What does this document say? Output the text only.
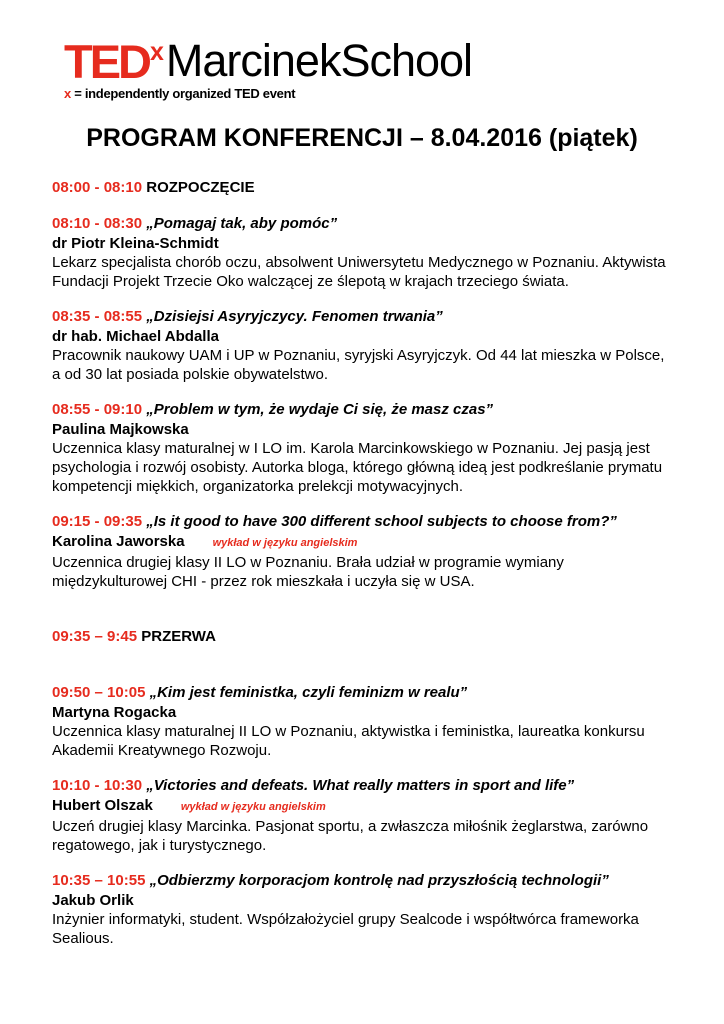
TED x MarcinekSchool
x = independently organized TED event
PROGRAM KONFERENCJI – 8.04.2016 (piątek)
08:00 - 08:10 ROZPOCZĘCIE
08:10 - 08:30 „Pomagaj tak, aby pomóc”
dr Piotr Kleina-Schmidt

Lekarz specjalista chorób oczu, absolwent Uniwersytetu Medycznego w Poznaniu. Aktywista Fundacji Projekt Trzecie Oko walczącej ze ślepotą w krajach trzeciego świata.

08:35 - 08:55 „Dzisiejsi Asyryjczycy. Fenomen trwania”
dr hab. Michael Abdalla

Pracownik naukowy UAM i UP w Poznaniu, syryjski Asyryjczyk. Od 44 lat mieszka w Polsce, a od 30 lat posiada polskie obywatelstwo.

08:55 - 09:10 „Problem w tym, że wydaje Ci się, że masz czas”
Paulina Majkowska

Uczennica klasy maturalnej w I LO im. Karola Marcinkowskiego w Poznaniu. Jej pasją jest psychologia i rozwój osobisty. Autorka bloga, którego główną ideą jest podkreślanie prymatu kompetencji miękkich, organizatorka prelekcji motywacyjnych.

09:15 - 09:35 „Is it good to have 300 different school subjects to choose from?”
Karolina Jaworska	wykład w języku angielskim

Uczennica drugiej klasy II LO w Poznaniu. Brała udział w programie wymiany międzykulturowej CHI - przez rok mieszkała i uczyła się w USA.

09:35 – 9:45 PRZERWA
09:50 – 10:05 „Kim jest feministka, czyli feminizm w realu”
Martyna Rogacka

Uczennica klasy maturalnej II LO w Poznaniu, aktywistka i feministka, laureatka konkursu Akademii Kreatywnego Rozwoju.

10:10 - 10:30 „Victories and defeats. What really matters in sport and life”
Hubert Olszak	wykład w języku angielskim

Uczeń drugiej klasy Marcinka. Pasjonat sportu, a zwłaszcza miłośnik żeglarstwa, zarówno regatowego, jak i turystycznego.

10:35 – 10:55 „Odbierzmy korporacjom kontrolę nad przyszłością technologii”
Jakub Orlik

Inżynier informatyki, student. Współzałożyciel grupy Sealcode i współtwórca frameworka Sealious.
